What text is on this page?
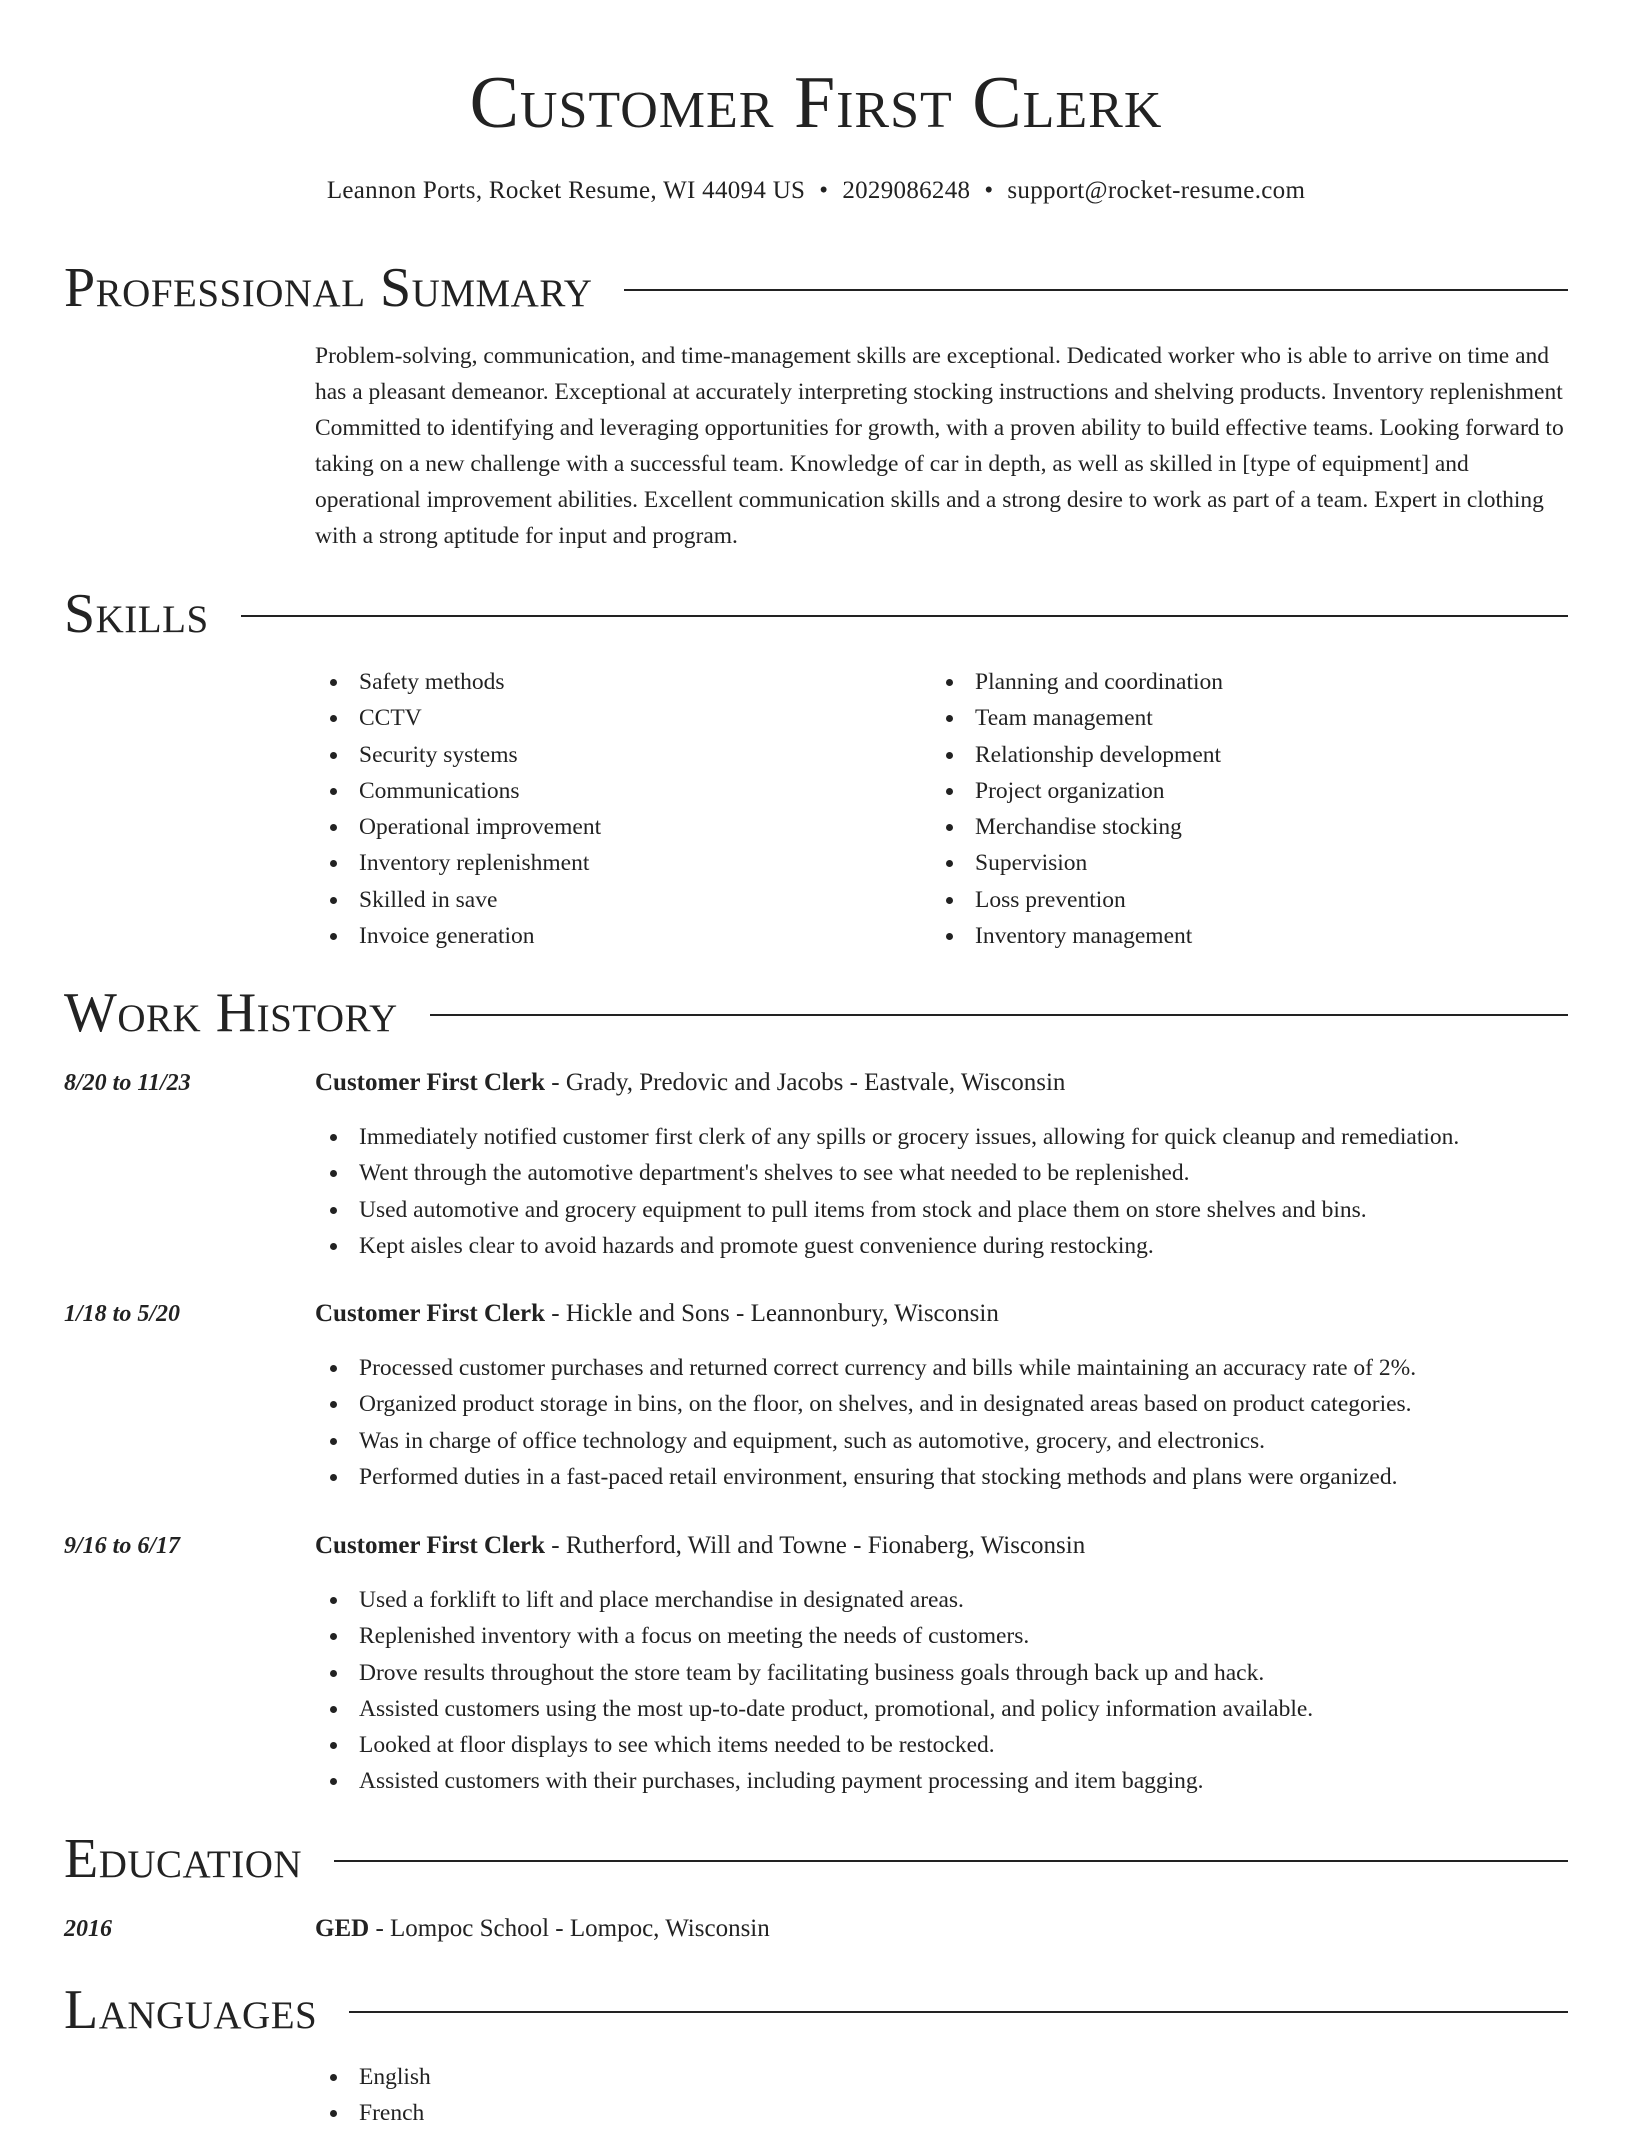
Customer First Clerk
Leannon Ports, Rocket Resume, WI 44094 US • 2029086248 • support@rocket-resume.com
Professional Summary

Problem-solving, communication, and time-management skills are exceptional. Dedicated worker who is able to arrive on time and has a pleasant demeanor. Exceptional at accurately interpreting stocking instructions and shelving products. Inventory replenishment Committed to identifying and leveraging opportunities for growth, with a proven ability to build effective teams. Looking forward to taking on a new challenge with a successful team. Knowledge of car in depth, as well as skilled in [type of equipment] and operational improvement abilities. Excellent communication skills and a strong desire to work as part of a team. Expert in clothing with a strong aptitude for input and program.

Skills
Safety methods
CCTV
Security systems
Communications
Operational improvement
Inventory replenishment
Skilled in save
Invoice generation
Planning and coordination
Team management
Relationship development
Project organization
Merchandise stocking
Supervision
Loss prevention
Inventory management
Work History
8/20 to 11/23	Customer First Clerk - Grady, Predovic and Jacobs - Eastvale, Wisconsin
Immediately notified customer first clerk of any spills or grocery issues, allowing for quick cleanup and remediation.
Went through the automotive department's shelves to see what needed to be replenished.
Used automotive and grocery equipment to pull items from stock and place them on store shelves and bins.
Kept aisles clear to avoid hazards and promote guest convenience during restocking.
1/18 to 5/20	Customer First Clerk - Hickle and Sons - Leannonbury, Wisconsin
Processed customer purchases and returned correct currency and bills while maintaining an accuracy rate of 2%.
Organized product storage in bins, on the floor, on shelves, and in designated areas based on product categories.
Was in charge of office technology and equipment, such as automotive, grocery, and electronics.
Performed duties in a fast-paced retail environment, ensuring that stocking methods and plans were organized.
9/16 to 6/17	Customer First Clerk - Rutherford, Will and Towne - Fionaberg, Wisconsin
Used a forklift to lift and place merchandise in designated areas.
Replenished inventory with a focus on meeting the needs of customers.
Drove results throughout the store team by facilitating business goals through back up and hack.
Assisted customers using the most up-to-date product, promotional, and policy information available.
Looked at floor displays to see which items needed to be restocked.
Assisted customers with their purchases, including payment processing and item bagging.
Education
2016	GED - Lompoc School - Lompoc, Wisconsin
Languages
English
French
